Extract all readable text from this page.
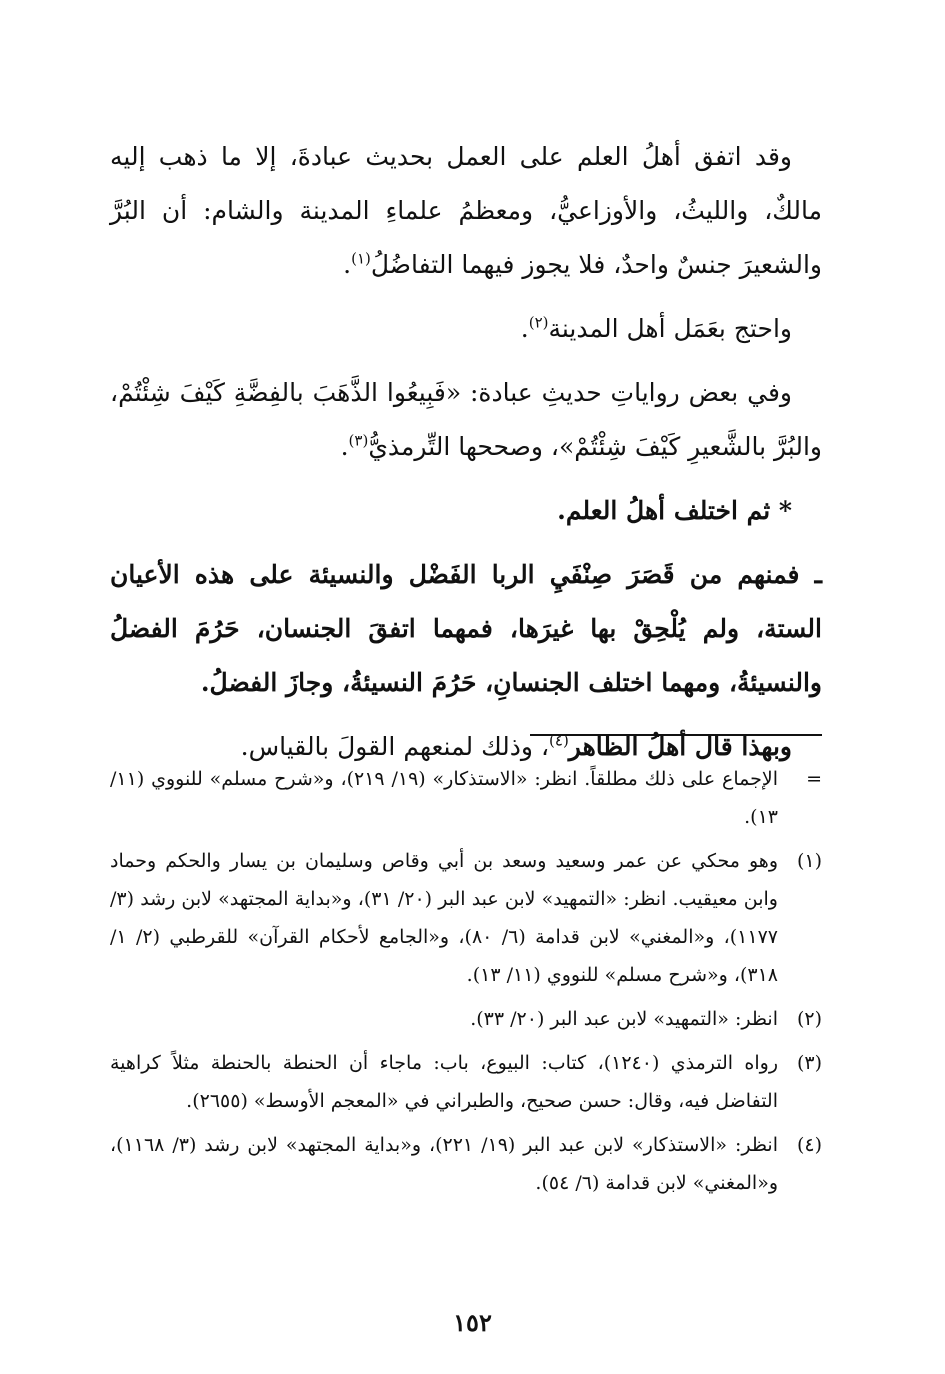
وقد اتفق أهلُ العلم على العمل بحديث عبادةَ، إلا ما ذهب إليه مالكٌ، والليثُ، والأوزاعيُّ، ومعظمُ علماءِ المدينة والشام: أن البُرَّ والشعيرَ جنسٌ واحدٌ، فلا يجوز فيهما التفاضُلُ$^{(١)}$.

واحتج بعَمَل أهل المدينة$^{(٢)}$.

وفي بعض رواياتِ حديثِ عبادة: «فَبِيعُوا الذَّهَبَ بالفِضَّةِ كَيْفَ شِئْتُمْ، والبُرَّ بالشَّعيرِ كَيْفَ شِئْتُمْ»، وصححها التِّرمذيُّ$^{(٣)}$.

* ثم اختلف أهلُ العلم.

ـ فمنهم من قَصَرَ صِنْفَيِ الربا الفَضْل والنسيئة على هذه الأعيان الستة، ولم يُلْحِقْ بها غيرَها، فمهما اتفقَ الجنسان، حَرُمَ الفضلُ والنسيئةُ، ومهما اختلف الجنسانِ، حَرُمَ النسيئةُ، وجازَ الفضلُ.

وبهذا قال أهلُ الظاهر$^{(٤)}$، وذلك لمنعهم القولَ بالقياس.

=
الإجماع على ذلك مطلقاً. انظر: «الاستذكار» (١٩/ ٢١٩)، و«شرح مسلم» للنووي (١١/ ١٣).
(١)
وهو محكي عن عمر وسعيد وسعد بن أبي وقاص وسليمان بن يسار والحكم وحماد وابن معيقيب. انظر: «التمهيد» لابن عبد البر (٢٠/ ٣١)، و«بداية المجتهد» لابن رشد (٣/ ١١٧٧)، و«المغني» لابن قدامة (٦/ ٨٠)، و«الجامع لأحكام القرآن» للقرطبي (٢/ ١/ ٣١٨)، و«شرح مسلم» للنووي (١١/ ١٣).
(٢)
انظر: «التمهيد» لابن عبد البر (٢٠/ ٣٣).
(٣)
رواه الترمذي (١٢٤٠)، كتاب: البيوع، باب: ماجاء أن الحنطة بالحنطة مثلاً كراهية التفاضل فيه، وقال: حسن صحيح، والطبراني في «المعجم الأوسط» (٢٦٥٥).
(٤)
انظر: «الاستذكار» لابن عبد البر (١٩/ ٢٢١)، و«بداية المجتهد» لابن رشد (٣/ ١١٦٨)، و«المغني» لابن قدامة (٦/ ٥٤).
١٥٢
